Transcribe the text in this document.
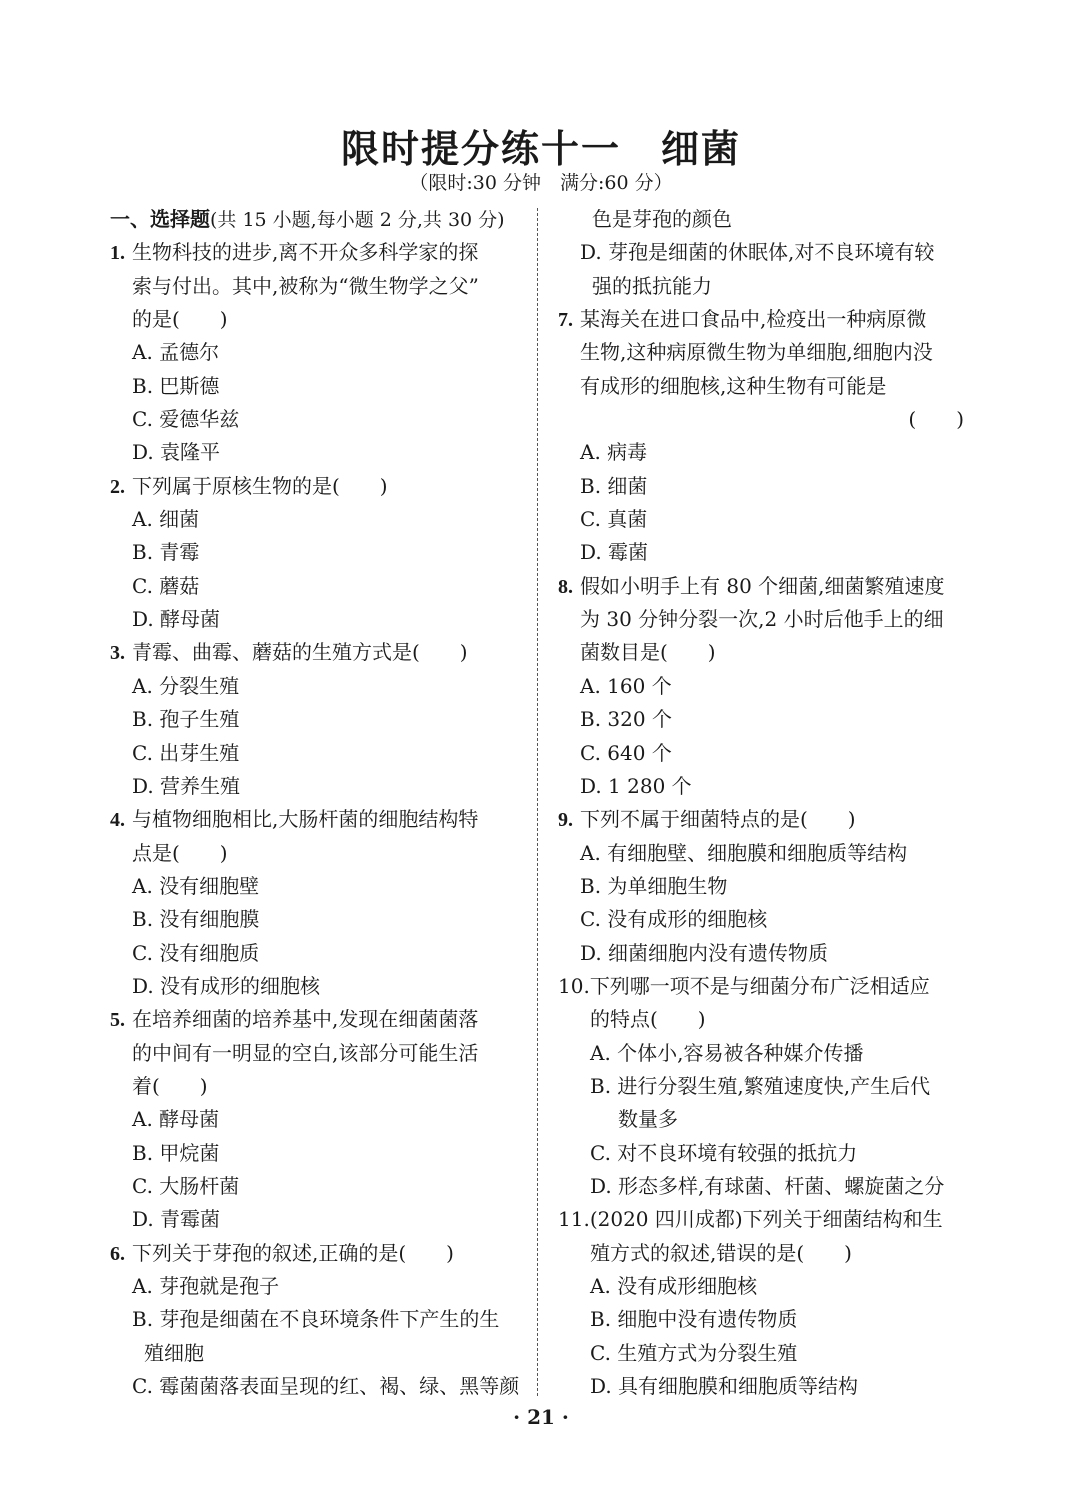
限时提分练十一　细菌
（限时:30 分钟　满分:60 分）
一、选择题(共 15 小题,每小题 2 分,共 30 分)
1. 生物科技的进步,离不开众多科学家的探
索与付出。其中,被称为“微生物学之父”
的是(　　)
A. 孟德尔
B. 巴斯德
C. 爱德华兹
D. 袁隆平
2. 下列属于原核生物的是(　　)
A. 细菌
B. 青霉
C. 蘑菇
D. 酵母菌
3. 青霉、曲霉、蘑菇的生殖方式是(　　)
A. 分裂生殖
B. 孢子生殖
C. 出芽生殖
D. 营养生殖
4. 与植物细胞相比,大肠杆菌的细胞结构特
点是(　　)
A. 没有细胞壁
B. 没有细胞膜
C. 没有细胞质
D. 没有成形的细胞核
5. 在培养细菌的培养基中,发现在细菌菌落
的中间有一明显的空白,该部分可能生活
着(　　)
A. 酵母菌
B. 甲烷菌
C. 大肠杆菌
D. 青霉菌
6. 下列关于芽孢的叙述,正确的是(　　)
A. 芽孢就是孢子
B. 芽孢是细菌在不良环境条件下产生的生
殖细胞
C. 霉菌菌落表面呈现的红、褐、绿、黑等颜
色是芽孢的颜色
D. 芽孢是细菌的休眠体,对不良环境有较
强的抵抗能力
7. 某海关在进口食品中,检疫出一种病原微
生物,这种病原微生物为单细胞,细胞内没
有成形的细胞核,这种生物有可能是
(　　)
A. 病毒
B. 细菌
C. 真菌
D. 霉菌
8. 假如小明手上有 80 个细菌,细菌繁殖速度
为 30 分钟分裂一次,2 小时后他手上的细
菌数目是(　　)
A. 160 个
B. 320 个
C. 640 个
D. 1 280 个
9. 下列不属于细菌特点的是(　　)
A. 有细胞壁、细胞膜和细胞质等结构
B. 为单细胞生物
C. 没有成形的细胞核
D. 细菌细胞内没有遗传物质
10.下列哪一项不是与细菌分布广泛相适应
的特点(　　)
A. 个体小,容易被各种媒介传播
B. 进行分裂生殖,繁殖速度快,产生后代
数量多
C. 对不良环境有较强的抵抗力
D. 形态多样,有球菌、杆菌、螺旋菌之分
11.(2020 四川成都)下列关于细菌结构和生
殖方式的叙述,错误的是(　　)
A. 没有成形细胞核
B. 细胞中没有遗传物质
C. 生殖方式为分裂生殖
D. 具有细胞膜和细胞质等结构
· 21 ·
